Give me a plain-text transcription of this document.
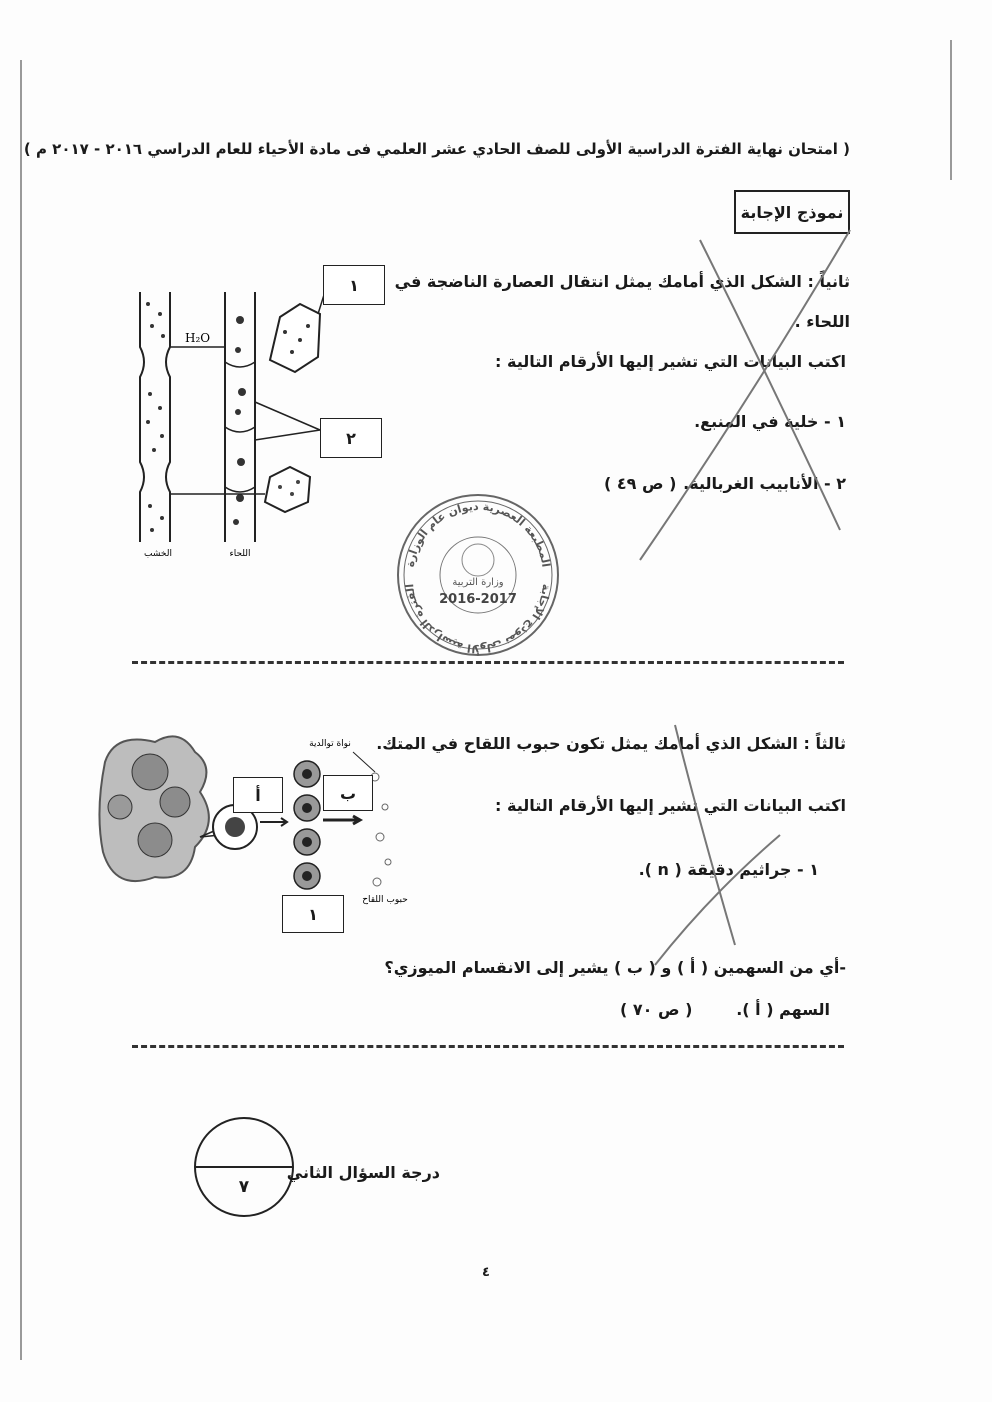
( امتحان نهاية الفترة الدراسية الأولى للصف الحادي عشر العلمي فى مادة الأحياء للعام الدراسي ٢٠١٦ - ٢٠١٧ م )
نموذج الإجابة
H₂O
الخشب	اللحاء
١
٢
ثانياً : الشكل الذي أمامك يمثل انتقال العصارة الناضجة في
اللحاء .
اكتب البيانات التي تشير إليها الأرقام التالية :
١ - خلية في المنبع.
٢ - الأنابيب الغربالية.
( ص ٤٩ )
المطبعة العصرية ديوان عام الوزارة
الفترة الدراسية الأولى نموذج الإجابة	وزارة التربية
2016-2017
نواة توالدية
حبوب اللقاح
أ	ب
١
ثالثاً : الشكل الذي أمامك يمثل تكون حبوب اللقاح في المتك.
اكتب البيانات التي تشير إليها الأرقام التالية :
١ - جراثيم دقيقة ( n ).
-أي من السهمين ( أ ) و ( ب ) يشير إلى الانقسام الميوزي؟
السهم ( أ ).
( ص ٧٠ )
٧
درجة السؤال الثاني
٤
